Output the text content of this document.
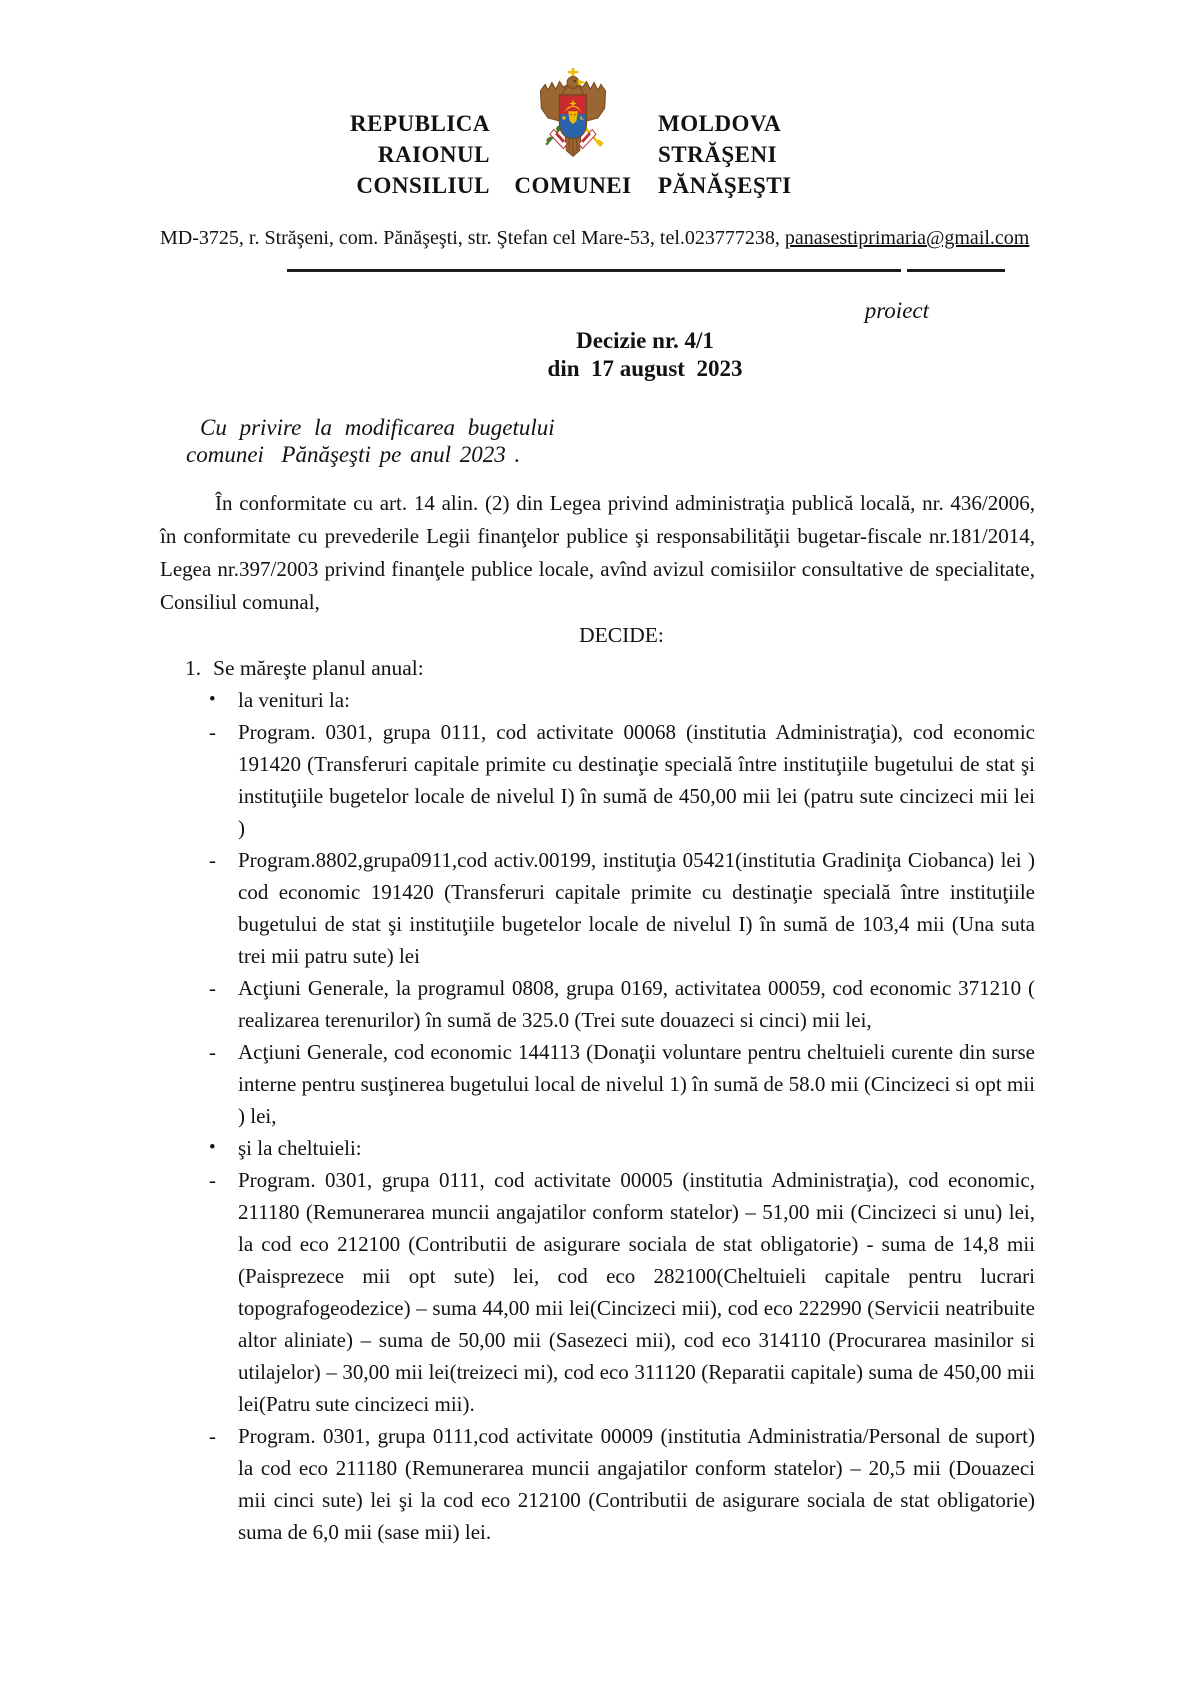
REPUBLICA
RAIONUL
CONSILIUL	COMUNEI
MOLDOVA
STRĂŞENI
PĂNĂŞEŞTI
MD-3725, r. Străşeni, com. Pănăşeşti, str. Ştefan cel Mare-53, tel.023777238, panasestiprimaria@gmail.com
proiect
Decizie nr. 4/1
din  17 august  2023
Cu privire la modificarea bugetului
comunei  Pănăşeşti pe anul 2023 .
În conformitate cu art. 14 alin. (2) din Legea privind administraţia publică locală, nr. 436/2006, în conformitate cu prevederile Legii finanţelor publice şi responsabilităţii bugetar-fiscale nr.181/2014, Legea nr.397/2003 privind finanţele publice locale, avînd avizul comisiilor consultative de specialitate, Consiliul comunal,
DECIDE:
1. Se măreşte planul anual:
•	la venituri la:
-	Program. 0301, grupa 0111, cod activitate 00068 (institutia Administraţia), cod economic 191420 (Transferuri capitale primite cu destinaţie specială între instituţiile bugetului de stat şi instituţiile bugetelor locale de nivelul I) în sumă de 450,00 mii lei (patru sute cincizeci mii lei )
-	Program.8802,grupa0911,cod activ.00199, instituţia 05421(institutia Gradiniţa Ciobanca) lei ) cod economic 191420 (Transferuri capitale primite cu destinaţie specială între instituţiile bugetului de stat şi instituţiile bugetelor locale de nivelul I) în sumă de 103,4 mii (Una suta trei mii patru sute) lei
-	Acţiuni Generale, la programul 0808, grupa 0169, activitatea 00059, cod economic 371210 ( realizarea terenurilor) în sumă de 325.0 (Trei sute douazeci si cinci) mii lei,
-	Acţiuni Generale, cod economic 144113 (Donaţii voluntare pentru cheltuieli curente din surse interne pentru susţinerea bugetului local de nivelul 1) în sumă de 58.0 mii (Cincizeci si opt mii ) lei,
•	şi la cheltuieli:
-	Program. 0301, grupa 0111, cod activitate 00005 (institutia Administraţia), cod economic, 211180 (Remunerarea muncii angajatilor conform statelor) – 51,00 mii (Cincizeci si unu) lei, la cod eco 212100 (Contributii de asigurare sociala de stat obligatorie) - suma de 14,8 mii (Paisprezece mii opt sute) lei, cod eco 282100(Cheltuieli capitale pentru lucrari topografogeodezice) – suma 44,00 mii lei(Cincizeci mii), cod eco 222990 (Servicii neatribuite altor aliniate) – suma de 50,00 mii (Sasezeci mii), cod eco 314110 (Procurarea masinilor si utilajelor) – 30,00 mii lei(treizeci mi), cod eco 311120 (Reparatii capitale) suma de 450,00 mii lei(Patru sute cincizeci mii).
-	Program. 0301, grupa 0111,cod activitate 00009 (institutia Administratia/Personal de suport) la cod eco 211180 (Remunerarea muncii angajatilor conform statelor) – 20,5 mii (Douazeci mii cinci sute) lei şi la cod eco 212100 (Contributii de asigurare sociala de stat obligatorie) suma de 6,0 mii (sase mii) lei.
